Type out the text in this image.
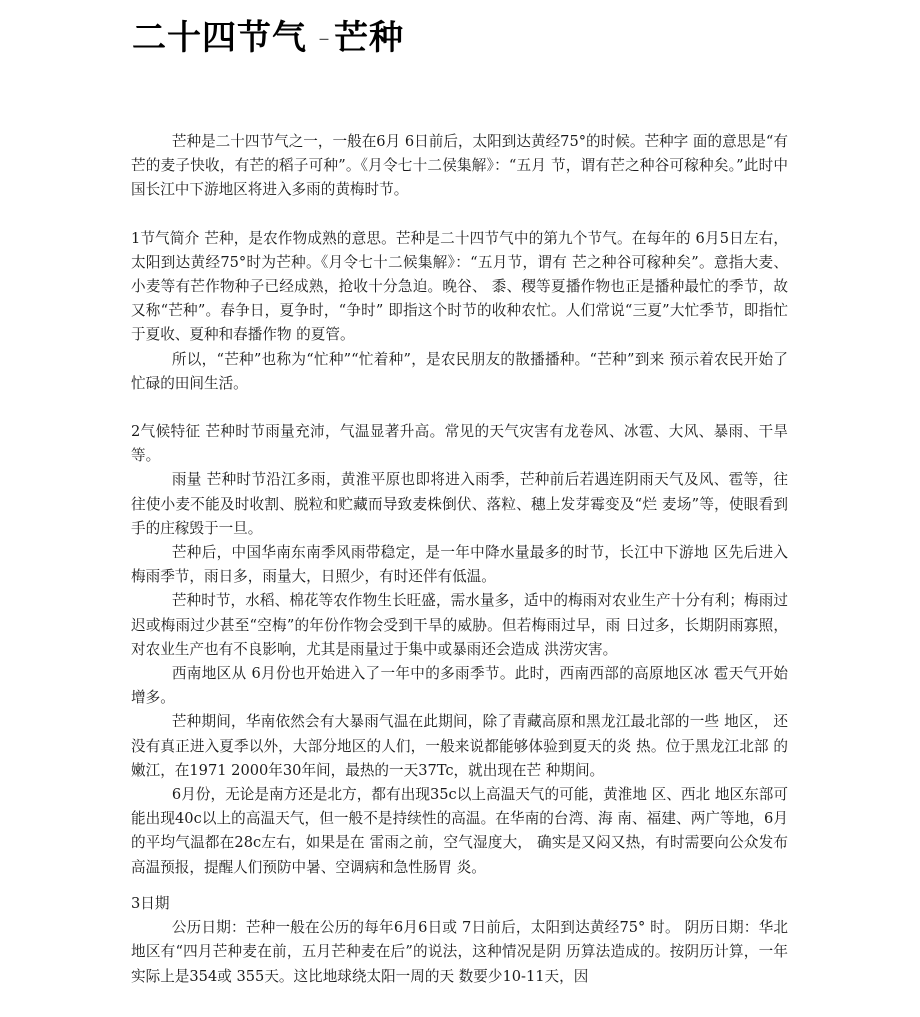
二十四节气 — 芒种

芒种是二十四节气之一，一般在6月 6日前后，太阳到达黄经75°的时候。芒种字 面的意思是“有芒的麦子快收，有芒的稻子可种”。《月令七十二侯集解》：“五月 节，谓有芒之种谷可稼种矣。”此时中国长江中下游地区将进入多雨的黄梅时节。

1节气简介 芒种，是农作物成熟的意思。芒种是二十四节气中的第九个节气。在每年的 6月5日左右，太阳到达黄经75°时为芒种。《月令七十二候集解》：“五月节，谓有 芒之种谷可稼种矣”。意指大麦、小麦等有芒作物种子已经成熟，抢收十分急迫。晚谷、 黍、稷等夏播作物也正是播种最忙的季节，故又称“芒种”。春争日，夏争时，“争时” 即指这个时节的收种农忙。人们常说“三夏”大忙季节，即指忙于夏收、夏种和春播作物 的夏管。

所以，“芒种”也称为“忙种”“忙着种”，是农民朋友的散播播种。“芒种”到来 预示着农民开始了忙碌的田间生活。

2气候特征 芒种时节雨量充沛，气温显著升高。常见的天气灾害有龙卷风、冰雹、大风、暴雨、干旱等。

雨量 芒种时节沿江多雨，黄淮平原也即将进入雨季，芒种前后若遇连阴雨天气及风、雹等，往往使小麦不能及时收割、脱粒和贮藏而导致麦株倒伏、落粒、穗上发芽霉变及“烂 麦场”等，使眼看到手的庄稼毁于一旦。

芒种后，中国华南东南季风雨带稳定，是一年中降水量最多的时节，长江中下游地 区先后进入梅雨季节，雨日多，雨量大，日照少，有时还伴有低温。

芒种时节，水稻、棉花等农作物生长旺盛，需水量多，适中的梅雨对农业生产十分有利；梅雨过迟或梅雨过少甚至“空梅”的年份作物会受到干旱的威胁。但若梅雨过早，雨 日过多，长期阴雨寡照，对农业生产也有不良影响，尤其是雨量过于集中或暴雨还会造成 洪涝灾害。

西南地区从 6月份也开始进入了一年中的多雨季节。此时，西南西部的高原地区冰 雹天气开始增多。

芒种期间，华南依然会有大暴雨气温在此期间，除了青藏高原和黑龙江最北部的一些 地区， 还没有真正进入夏季以外，大部分地区的人们，一般来说都能够体验到夏天的炎 热。位于黑龙江北部 的嫩江，在1971 2000年30年间，最热的一天37Tc，就出现在芒 种期间。

6月份，无论是南方还是北方，都有出现35c以上高温天气的可能，黄淮地 区、西北 地区东部可能出现40c以上的高温天气，但一般不是持续性的高温。在华南的台湾、海 南、福建、两广等地，6月的平均气温都在28c左右，如果是在 雷雨之前，空气湿度大， 确实是又闷又热，有时需要向公众发布高温预报，提醒人们预防中暑、空调病和急性肠胃 炎。

3日期

公历日期：芒种一般在公历的每年6月6日或 7日前后，太阳到达黄经75° 时。 阴历日期：华北地区有“四月芒种麦在前，五月芒种麦在后”的说法，这种情况是阴 历算法造成的。按阴历计算，一年实际上是354或 355天。这比地球绕太阳一周的天 数要少10-11天，因
